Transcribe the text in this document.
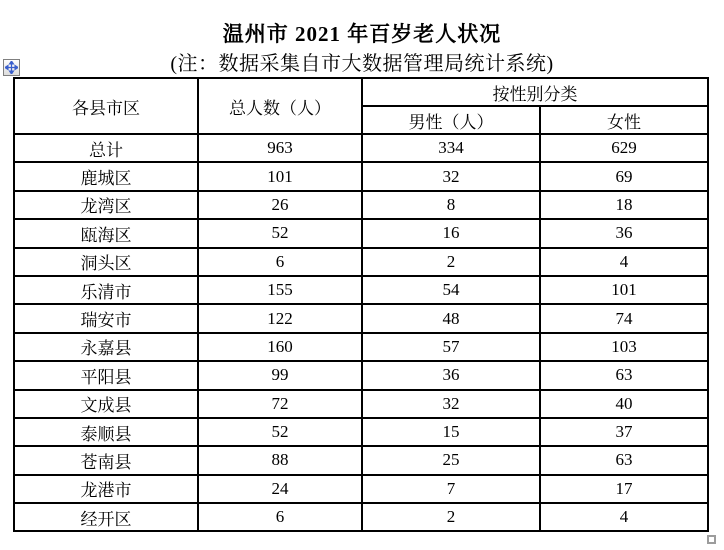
温州市 2021 年百岁老人状况
(注：数据采集自市大数据管理局统计系统)
各县市区	总人数（人）	按性别分类	
		男性（人）	女性
总计	963	334	629
鹿城区	101	32	69
龙湾区	26	8	18
瓯海区	52	16	36
洞头区	6	2	4
乐清市	155	54	101
瑞安市	122	48	74
永嘉县	160	57	103
平阳县	99	36	63
文成县	72	32	40
泰顺县	52	15	37
苍南县	88	25	63
龙港市	24	7	17
经开区	6	2	4
